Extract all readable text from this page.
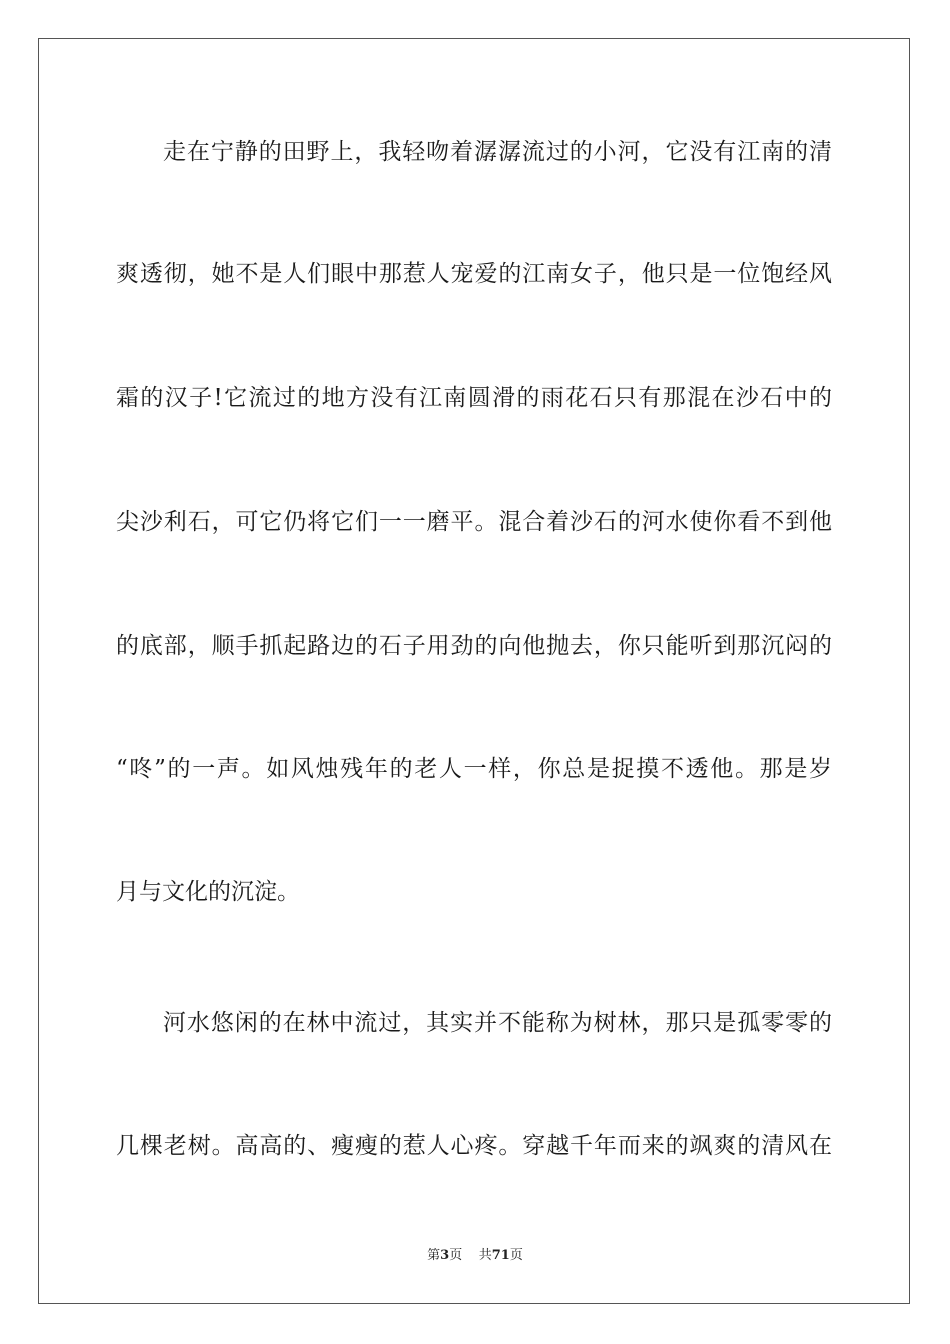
走在宁静的田野上，我轻吻着潺潺流过的小河，它没有江南的清
爽透彻，她不是人们眼中那惹人宠爱的江南女子，他只是一位饱经风
霜的汉子!它流过的地方没有江南圆滑的雨花石只有那混在沙石中的
尖沙利石，可它仍将它们一一磨平。混合着沙石的河水使你看不到他
的底部，顺手抓起路边的石子用劲的向他抛去，你只能听到那沉闷的
“咚”的一声。如风烛残年的老人一样，你总是捉摸不透他。那是岁
月与文化的沉淀。
河水悠闲的在林中流过，其实并不能称为树林，那只是孤零零的
几棵老树。高高的、瘦瘦的惹人心疼。穿越千年而来的飒爽的清风在
第3页 共71页
